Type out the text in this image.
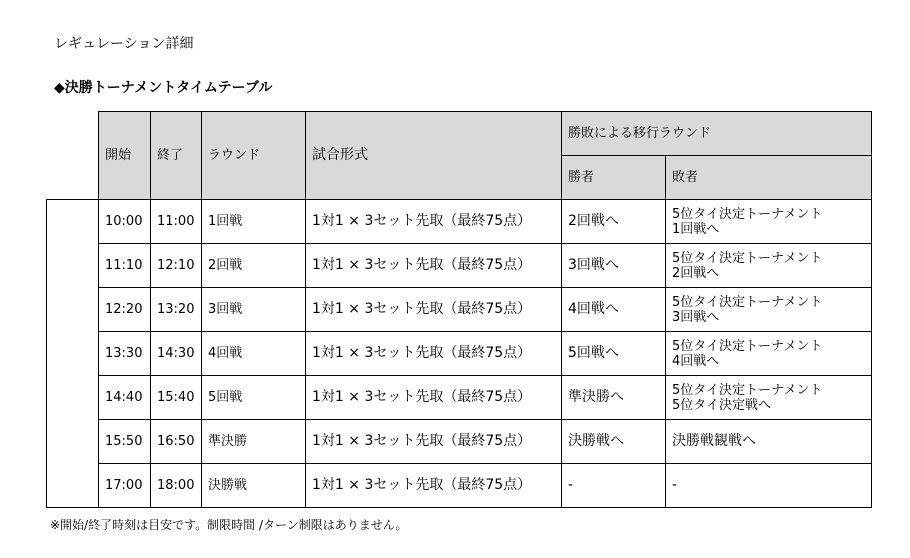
レギュレーション詳細
◆決勝トーナメントタイムテーブル
	開始	終了	ラウンド	試合形式	勝敗による移行ラウンド	
					勝者	敗者
	10:00	11:00	1回戦	1対1 × 3セット先取（最終75点）	2回戦へ	5位タイ決定トーナメント
1回戦へ

	11:10	12:10	2回戦	1対1 × 3セット先取（最終75点）	3回戦へ	5位タイ決定トーナメント
2回戦へ

	12:20	13:20	3回戦	1対1 × 3セット先取（最終75点）	4回戦へ	5位タイ決定トーナメント
3回戦へ

	13:30	14:30	4回戦	1対1 × 3セット先取（最終75点）	5回戦へ	5位タイ決定トーナメント
4回戦へ

	14:40	15:40	5回戦	1対1 × 3セット先取（最終75点）	準決勝へ	5位タイ決定トーナメント
5位タイ決定戦へ

	15:50	16:50	準決勝	1対1 × 3セット先取（最終75点）	決勝戦へ	決勝戦観戦へ

	17:00	18:00	決勝戦	1対1 × 3セット先取（最終75点）	-	-
※開始/終了時刻は目安です。制限時間 /ターン制限はありません。
